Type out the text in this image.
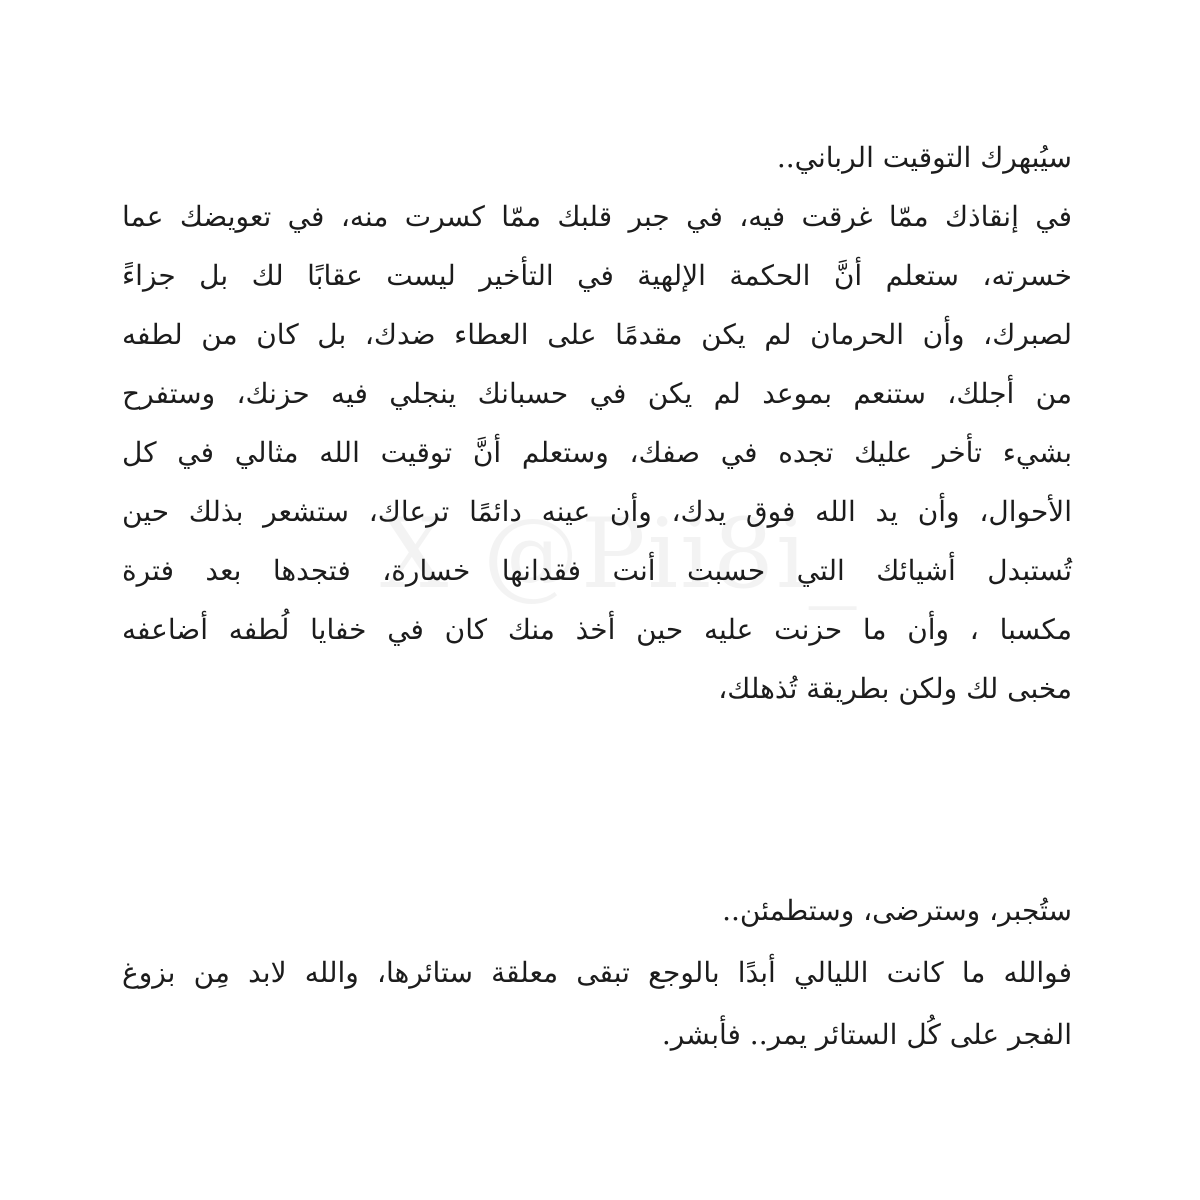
سيُبهرك التوقيت الرباني..
في إنقاذك ممّا غرقت فيه، في جبر قلبك ممّا كسرت منه، في تعويضك عما
خسرته، ستعلم أنَّ الحكمة الإلهية في التأخير ليست عقابًا لك بل جزاءً
لصبرك، وأن الحرمان لم يكن مقدمًا على العطاء ضدك، بل كان من لطفه
من أجلك، ستنعم بموعد لم يكن في حسبانك ينجلي فيه حزنك، وستفرح
بشيء تأخر عليك تجده في صفك، وستعلم أنَّ توقيت الله مثالي في كل
الأحوال، وأن يد الله فوق يدك، وأن عينه دائمًا ترعاك، ستشعر بذلك حين
تُستبدل أشيائك التي حسبت أنت فقدانها خسارة، فتجدها بعد فترة
مكسبا ، وأن ما حزنت عليه حين أخذ منك كان في خفايا لُطفه أضاعفه
مخبى لك ولكن بطريقة تُذهلك،
ستُجبر، وسترضى، وستطمئن..
فوالله ما كانت الليالي أبدًا بالوجع تبقى معلقة ستائرها، والله لابد مِن بزوغ
الفجر على كُل الستائر يمر.. فأبشر.
